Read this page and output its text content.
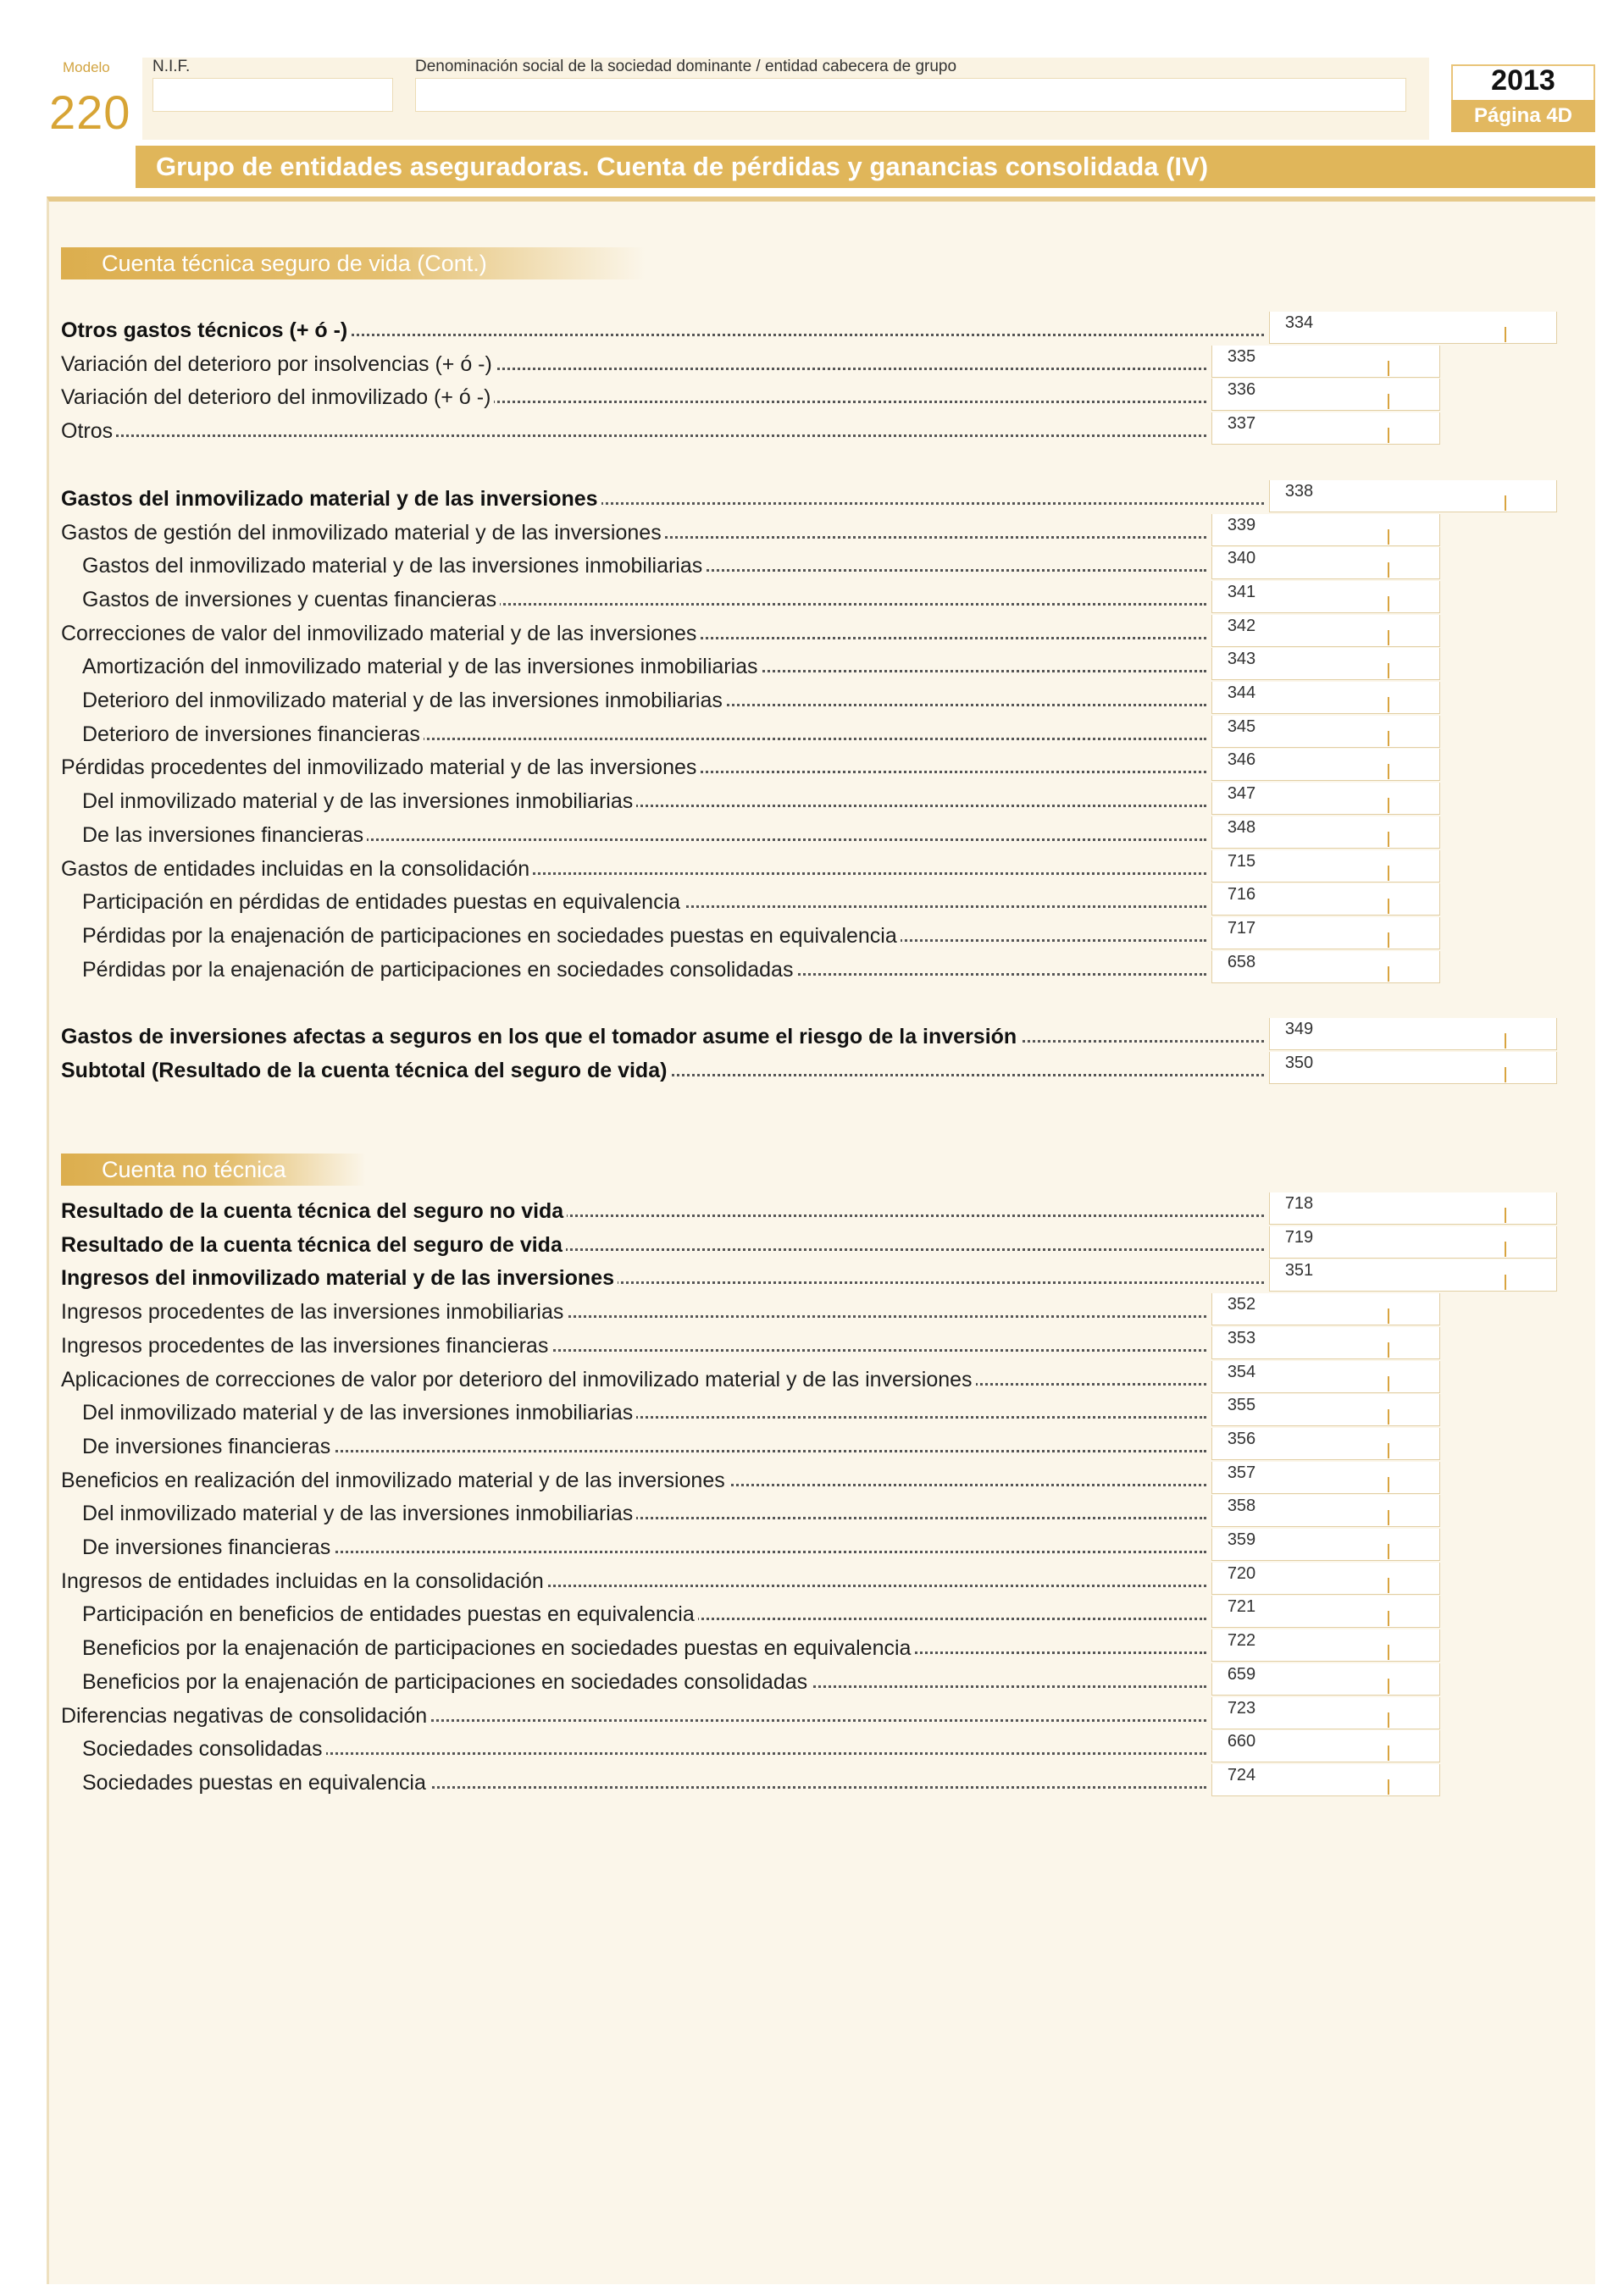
Modelo
220
N.I.F.	Denominación social de la sociedad dominante / entidad cabecera de grupo	2013
Página 4D
Grupo de entidades aseguradoras. Cuenta de pérdidas y ganancias consolidada (IV)
Cuenta técnica seguro de vida (Cont.)
Otros gastos técnicos (+ ó -)	334
Variación del deterioro por insolvencias (+ ó -)	335
Variación del deterioro del inmovilizado (+ ó -)	336
Otros	337
Gastos del inmovilizado material y de las inversiones	338
Gastos de gestión del inmovilizado material y de las inversiones	339
Gastos del inmovilizado material y de las inversiones inmobiliarias	340
Gastos de inversiones y cuentas financieras	341
Correcciones de valor del inmovilizado material y de las inversiones	342
Amortización del inmovilizado material y de las inversiones inmobiliarias	343
Deterioro del inmovilizado material y de las inversiones inmobiliarias	344
Deterioro de inversiones financieras	345
Pérdidas procedentes del inmovilizado material y de las inversiones	346
Del inmovilizado material y de las inversiones inmobiliarias	347
De las inversiones financieras	348
Gastos de entidades incluidas en la consolidación	715
Participación en pérdidas de entidades puestas en equivalencia	716
Pérdidas por la enajenación de participaciones en sociedades puestas en equivalencia	717
Pérdidas por la enajenación de participaciones en sociedades consolidadas	658
Gastos de inversiones afectas a seguros en los que el tomador asume el riesgo de la inversión	349
Subtotal (Resultado de la cuenta técnica del seguro de vida)	350
Cuenta no técnica
Resultado de la cuenta técnica del seguro no vida	718
Resultado de la cuenta técnica del seguro de vida	719
Ingresos del inmovilizado material y de las inversiones	351
Ingresos procedentes de las inversiones inmobiliarias	352
Ingresos procedentes de las inversiones financieras	353
Aplicaciones de correcciones de valor por deterioro del inmovilizado material y de las inversiones	354
Del inmovilizado material y de las inversiones inmobiliarias	355
De inversiones financieras	356
Beneficios en realización del inmovilizado material y de las inversiones	357
Del inmovilizado material y de las inversiones inmobiliarias	358
De inversiones financieras	359
Ingresos de entidades incluidas en la consolidación	720
Participación en beneficios de entidades puestas en equivalencia	721
Beneficios por la enajenación de participaciones en sociedades puestas en equivalencia	722
Beneficios por la enajenación de participaciones en sociedades consolidadas	659
Diferencias negativas de consolidación	723
Sociedades consolidadas	660
Sociedades puestas en equivalencia	724
